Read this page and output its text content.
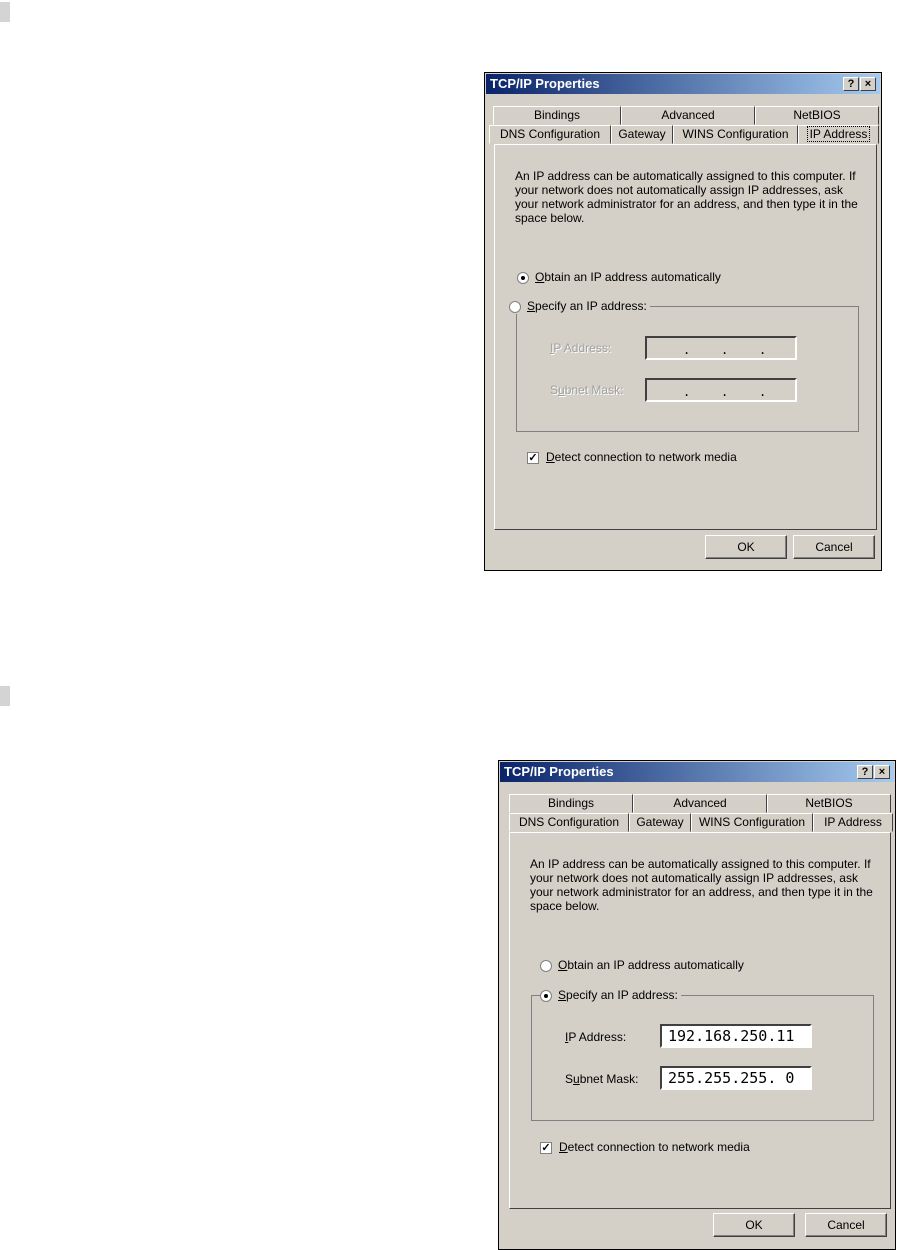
TCP/IP Properties	? ×
Bindings	Advanced	NetBIOS
DNS Configuration	Gateway	WINS Configuration	IP Address
An IP address can be automatically assigned to this computer. If your network does not automatically assign IP addresses, ask your network administrator for an address, and then type it in the space below.
Obtain an IP address automatically
IP Address:

	.	.	.

Subnet Mask:

	.	.	.

Specify an IP address:
✓ Detect connection to network media
OK	Cancel
TCP/IP Properties	? ×
Bindings	Advanced	NetBIOS
DNS Configuration	Gateway	WINS Configuration	IP Address
An IP address can be automatically assigned to this computer. If your network does not automatically assign IP addresses, ask your network administrator for an address, and then type it in the space below.
Obtain an IP address automatically
IP Address:	192.168.250.11
Subnet Mask:	255.255.255. 0
Specify an IP address:
✓ Detect connection to network media
OK	Cancel
